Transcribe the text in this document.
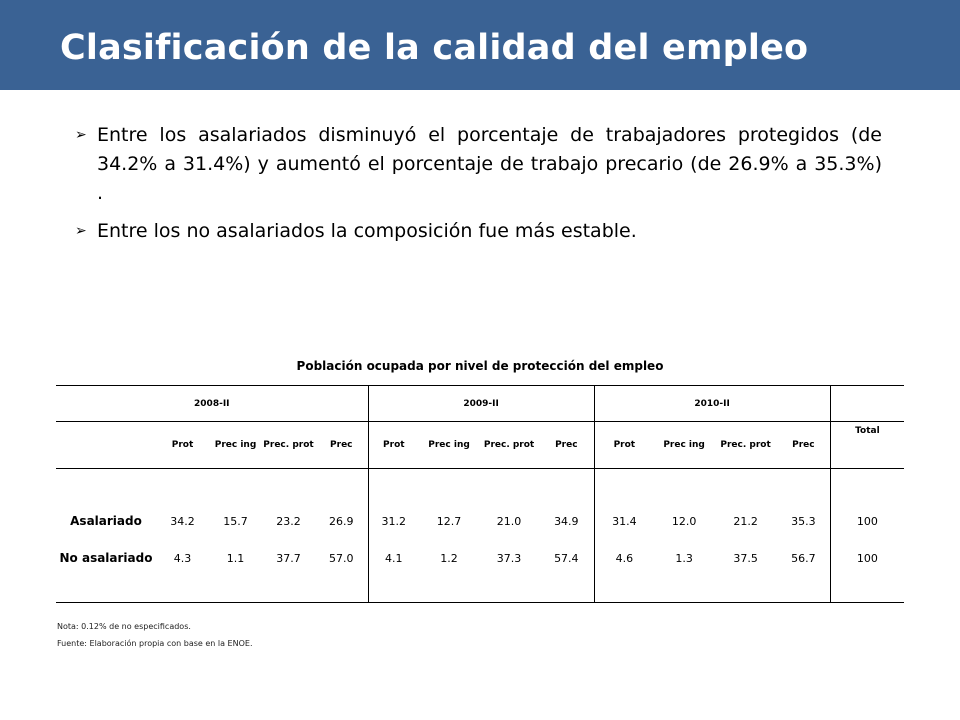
Clasificación de la calidad del empleo
➢ Entre los asalariados disminuyó el porcentaje de trabajadores protegidos (de 34.2% a 31.4%) y aumentó el porcentaje de trabajo precario (de 26.9% a 35.3%) .
➢ Entre los no asalariados la composición fue más estable.
Población ocupada por nivel de protección del empleo
2008-II					2009-II				2010-II				
	Prot	Prec ing	Prec. prot	Prec	Prot	Prec ing	Prec. prot	Prec	Prot	Prec ing	Prec. prot	Prec	Total

Asalariado	34.2	15.7	23.2	26.9	31.2	12.7	21.0	34.9	31.4	12.0	21.2	35.3	100
No asalariado	4.3	1.1	37.7	57.0	4.1	1.2	37.3	57.4	4.6	1.3	37.5	56.7	100

Nota: 0.12% de no especificados.
Fuente: Elaboración propia con base en la ENOE.
